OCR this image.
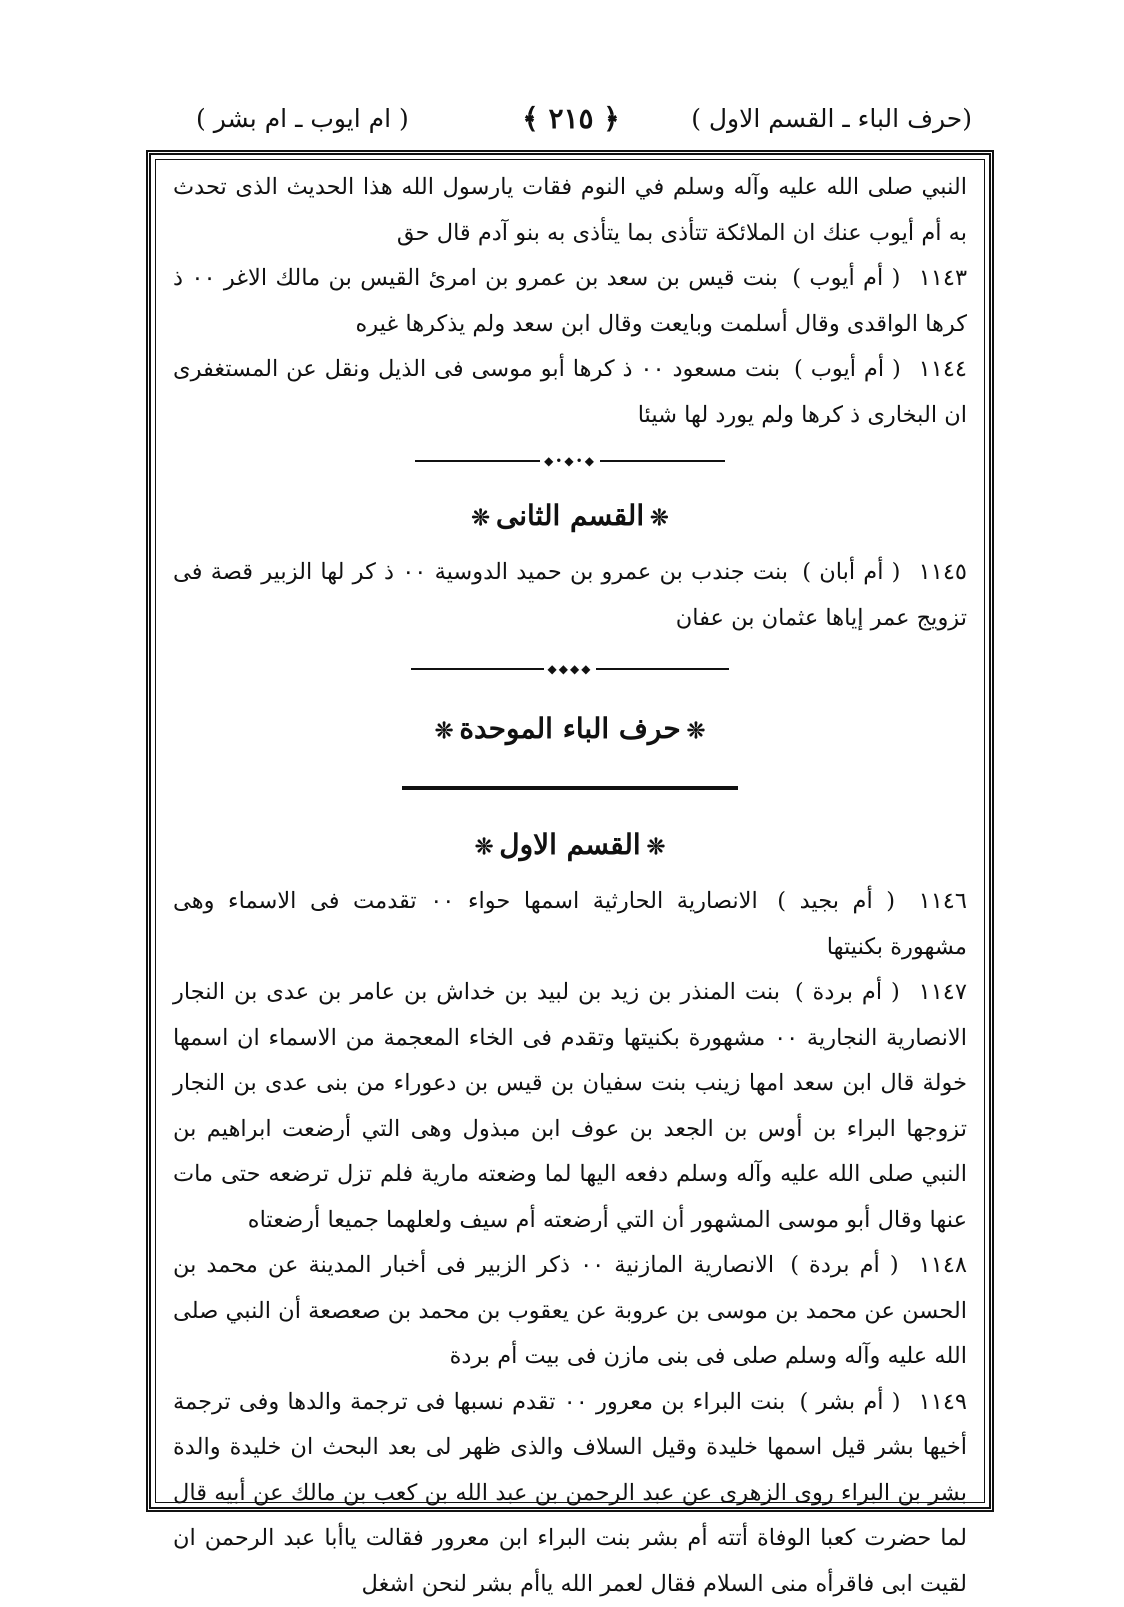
(حرف الباء ـ القسم الاول )
﴿ ٢١٥ ﴾
( ام ايوب ـ ام بشر )

النبي صلى الله عليه وآله وسلم في النوم فقات يارسول الله هذا الحديث الذى تحدث به أم أيوب عنك ان الملائكة تتأذى بما يتأذى به بنو آدم قال حق

١١٤٣ ( أم أيوب ) بنت قيس بن سعد بن عمرو بن امرئ القيس بن مالك الاغر ٠٠ ذ كرها الواقدى وقال أسلمت وبايعت وقال ابن سعد ولم يذكرها غيره

١١٤٤ ( أم أيوب ) بنت مسعود ٠٠ ذ كرها أبو موسى فى الذيل ونقل عن المستغفرى ان البخارى ذ كرها ولم يورد لها شيئا

◆•◆•◆
❊القسم الثانى❊

١١٤٥ ( أم أبان ) بنت جندب بن عمرو بن حميد الدوسية ٠٠ ذ كر لها الزبير قصة فى تزويج عمر إياها عثمان بن عفان

◆◆◆◆
❊حرف الباء الموحدة❊
❊القسم الاول❊

١١٤٦ ( أم بجيد ) الانصارية الحارثية اسمها حواء ٠٠ تقدمت فى الاسماء وهى مشهورة بكنيتها

١١٤٧ ( أم بردة ) بنت المنذر بن زيد بن لبيد بن خداش بن عامر بن عدى بن النجار الانصارية النجارية ٠٠ مشهورة بكنيتها وتقدم فى الخاء المعجمة من الاسماء ان اسمها خولة قال ابن سعد امها زينب بنت سفيان بن قيس بن دعوراء من بنى عدى بن النجار تزوجها البراء بن أوس بن الجعد بن عوف ابن مبذول وهى التي أرضعت ابراهيم بن النبي صلى الله عليه وآله وسلم دفعه اليها لما وضعته مارية فلم تزل ترضعه حتى مات عنها وقال أبو موسى المشهور أن التي أرضعته أم سيف ولعلهما جميعا أرضعتاه

١١٤٨ ( أم بردة ) الانصارية المازنية ٠٠ ذكر الزبير فى أخبار المدينة عن محمد بن الحسن عن محمد بن موسى بن عروبة عن يعقوب بن محمد بن صعصعة أن النبي صلى الله عليه وآله وسلم صلى فى بنى مازن فى بيت أم بردة

١١٤٩ ( أم بشر ) بنت البراء بن معرور ٠٠ تقدم نسبها فى ترجمة والدها وفى ترجمة أخيها بشر قيل اسمها خليدة وقيل السلاف والذى ظهر لى بعد البحث ان خليدة والدة بشر بن البراء روى الزهرى عن عبد الرحمن بن عبد الله بن كعب بن مالك عن أبيه قال لما حضرت كعبا الوفاة أتته أم بشر بنت البراء ابن معرور فقالت ياأبا عبد الرحمن ان لقيت ابى فاقرأه منى السلام فقال لعمر الله ياأم بشر لنحن اشغل
